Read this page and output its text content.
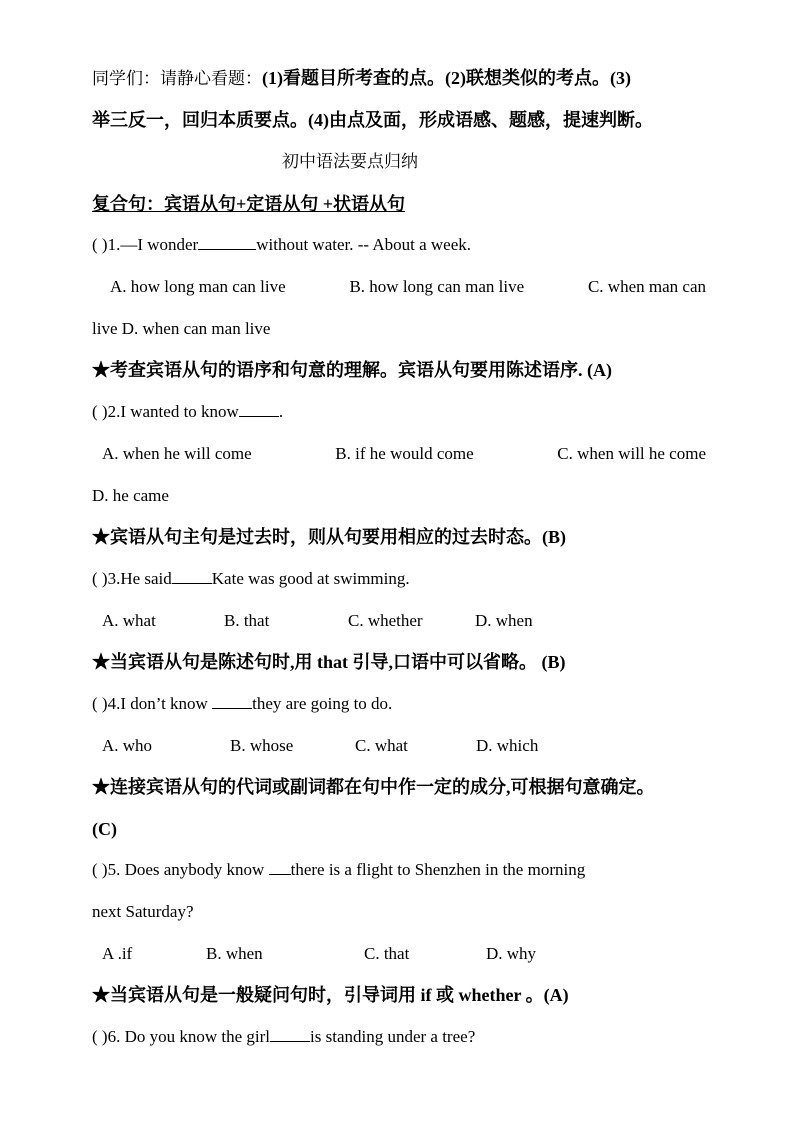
同学们：请静心看题：(1)看题目所考查的点。(2)联想类似的考点。(3)
举三反一，回归本质要点。(4)由点及面，形成语感、题感，提速判断。
初中语法要点归纳
复合句：宾语从句+定语从句 +状语从句
( )1.—I wonder	without water. -- About a week.
A. how long man can live	B. how long can man live	C. when man can
live D. when can man live
★考查宾语从句的语序和句意的理解。宾语从句要用陈述语序. (A)
( )2.I wanted to know .
A. when he will come	B. if he would come	C. when will he come
D. he came
★宾语从句主句是过去时，则从句要用相应的过去时态。(B)
( )3.He said Kate was good at swimming.
A. what	B. that	C. whether	D. when
★当宾语从句是陈述句时,用 that 引导,口语中可以省略。 (B)
( )4.I don’t know they are going to do.
A. who	B. whose	C. what	D. which
★连接宾语从句的代词或副词都在句中作一定的成分,可根据句意确定。
(C)
( )5. Does anybody know there is a flight to Shenzhen in the morning
next Saturday?
A .if	B. when	C. that	D. why
★当宾语从句是一般疑问句时，引导词用 if 或 whether 。(A)
( )6. Do you know the girl is standing under a tree?
